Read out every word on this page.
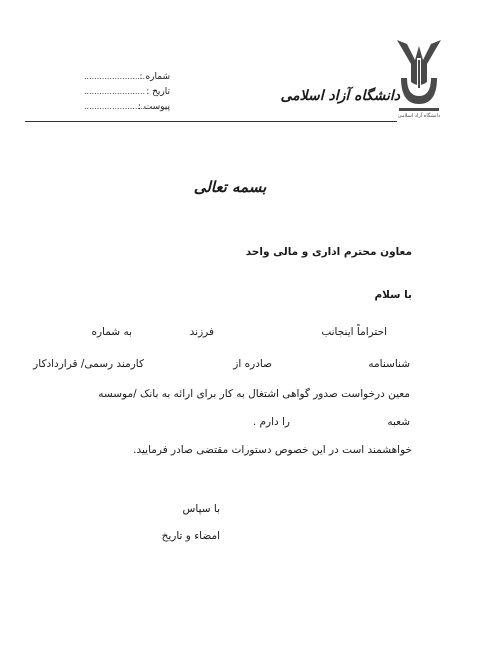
دانشگاه آزاد اسلامی
دانشگاه آزاد اسلامی
شماره :
........................
تاریخ :
........................
پیوست :
........................
بسمه تعالی
معاون محترم اداری و مالی واحد
با سلام
احتراماً اینجانب
فرزند
به شماره
شناسنامه
صادره از
کارمند رسمی/ قراردادکار
معین درخواست صدور گواهی اشتغال به کار برای ارائه به بانک /موسسه
شعبه
را دارم .
خواهشمند است در این خصوص دستورات مقتضی صادر فرمایید.
با سپاس
امضاء و تاریخ
